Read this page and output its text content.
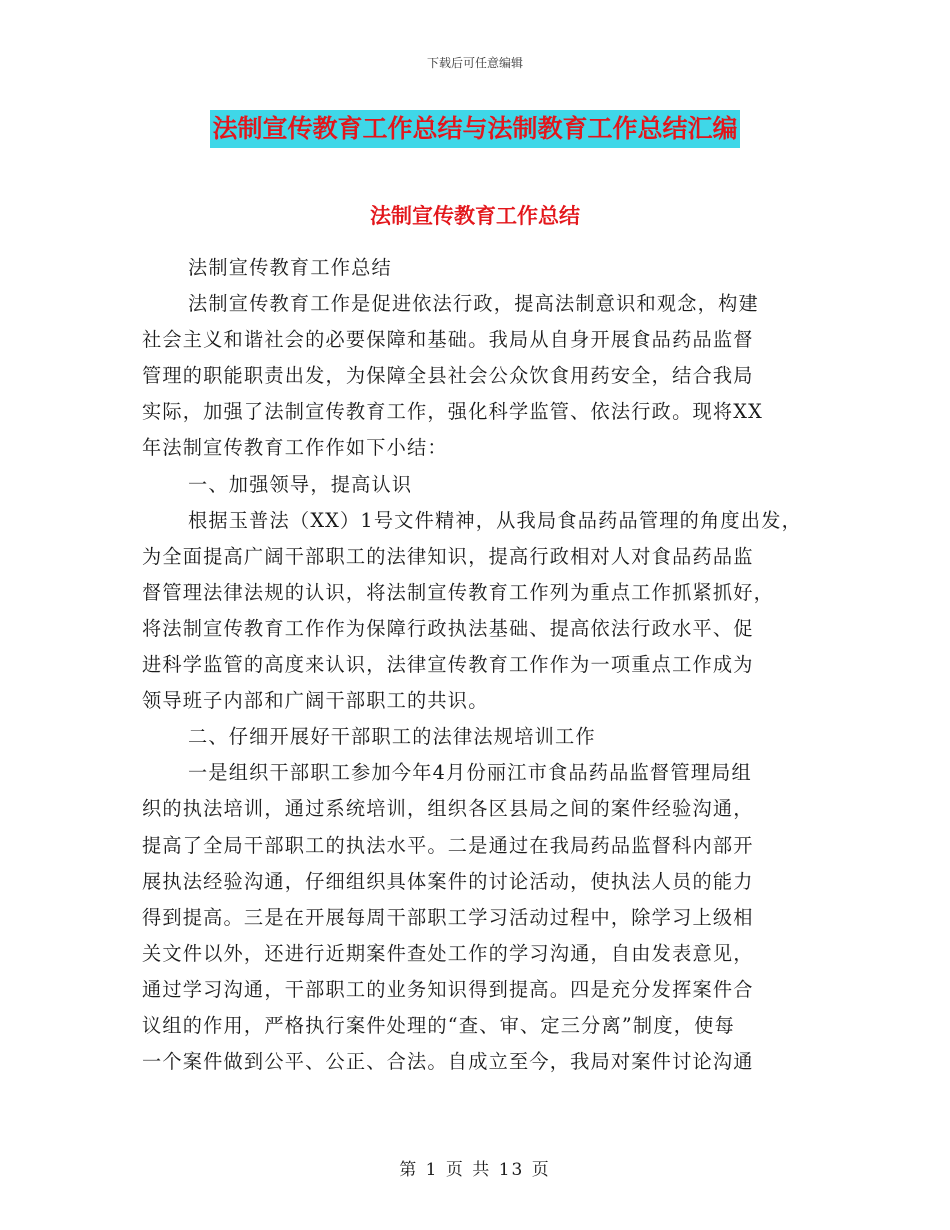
下载后可任意编辑
法制宣传教育工作总结与法制教育工作总结汇编
法制宣传教育工作总结
法制宣传教育工作总结
法制宣传教育工作是促进依法行政，提高法制意识和观念，构建
社会主义和谐社会的必要保障和基础。我局从自身开展食品药品监督
管理的职能职责出发，为保障全县社会公众饮食用药安全，结合我局
实际，加强了法制宣传教育工作，强化科学监管、依法行政。现将XX
年法制宣传教育工作作如下小结：
一、加强领导，提高认识
根据玉普法（XX）1号文件精神，从我局食品药品管理的角度出发，
为全面提高广阔干部职工的法律知识，提高行政相对人对食品药品监
督管理法律法规的认识，将法制宣传教育工作列为重点工作抓紧抓好，
将法制宣传教育工作作为保障行政执法基础、提高依法行政水平、促
进科学监管的高度来认识，法律宣传教育工作作为一项重点工作成为
领导班子内部和广阔干部职工的共识。
二、仔细开展好干部职工的法律法规培训工作
一是组织干部职工参加今年4月份丽江市食品药品监督管理局组
织的执法培训，通过系统培训，组织各区县局之间的案件经验沟通，
提高了全局干部职工的执法水平。二是通过在我局药品监督科内部开
展执法经验沟通，仔细组织具体案件的讨论活动，使执法人员的能力
得到提高。三是在开展每周干部职工学习活动过程中，除学习上级相
关文件以外，还进行近期案件查处工作的学习沟通，自由发表意见，
通过学习沟通，干部职工的业务知识得到提高。四是充分发挥案件合
议组的作用，严格执行案件处理的“查、审、定三分离”制度，使每
一个案件做到公平、公正、合法。自成立至今，我局对案件讨论沟通
第 1 页 共 13 页
